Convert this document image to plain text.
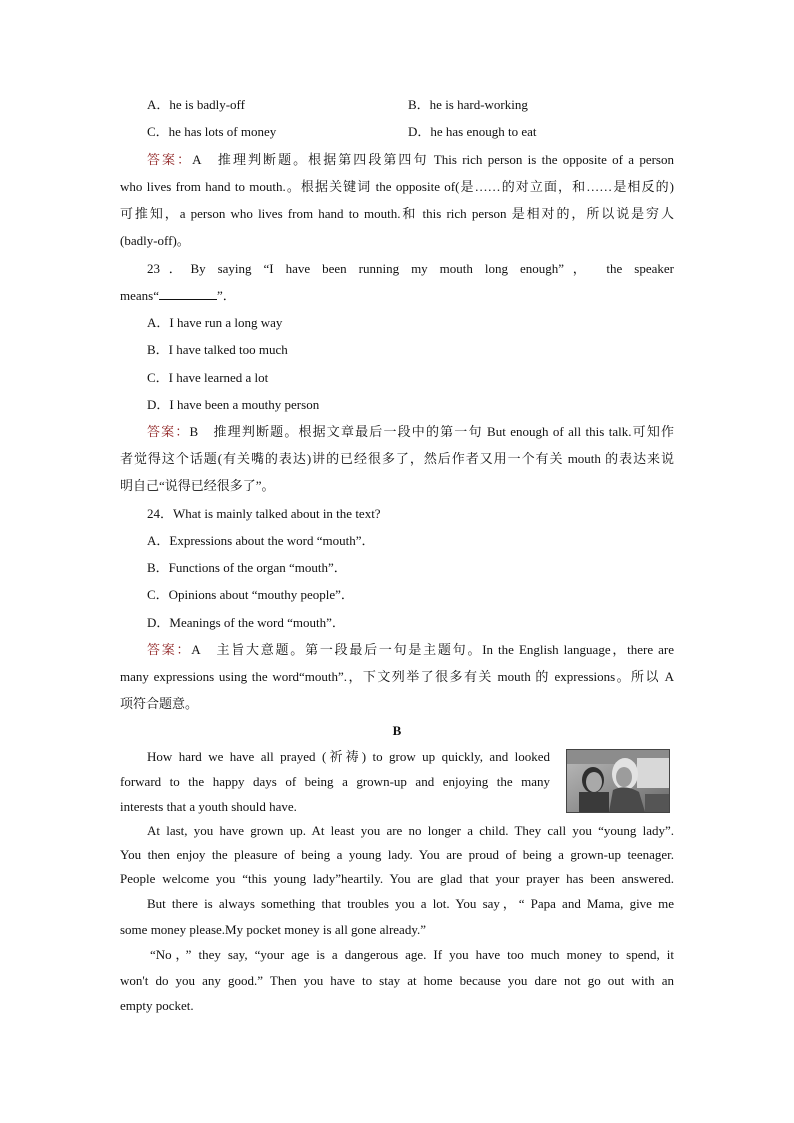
A．he is badly-off	B．he is hard-working
C．he has lots of money	D．he has enough to eat
答案：A　推理判断题。根据第四段第四句 This rich person is the opposite of a person
who lives from hand to mouth.。根据关键词 the opposite of(是……的对立面，和……是相反的)
可推知，a person who lives from hand to mouth.和 this rich person 是相对的，所以说是穷人
(badly-off)。
23．By saying “I have been running my mouth long enough”， the speaker
means“	”．
A．I have run a long way
B．I have talked too much
C．I have learned a lot
D．I have been a mouthy person
答案：B　推理判断题。根据文章最后一段中的第一句 But enough of all this talk.可知作
者觉得这个话题(有关嘴的表达)讲的已经很多了，然后作者又用一个有关 mouth 的表达来说
明自己“说得已经很多了”。
24．What is mainly talked about in the text?
A．Expressions about the word “mouth”．
B．Functions of the organ “mouth”．
C．Opinions about “mouthy people”．
D．Meanings of the word “mouth”．
答案：A　主旨大意题。第一段最后一句是主题句。In the English language，there are
many expressions using the word“mouth”.，下文列举了很多有关 mouth 的 expressions。所以 A
项符合题意。
B
How hard we have all prayed (祈祷) to grow up quickly, and looked
forward to the happy days of being a grown-up and enjoying the many
interests that a youth should have.
At last, you have grown up. At least you are no longer a child. They call you “young lady”.
You then enjoy the pleasure of being a young lady. You are proud of being a grown-up teenager.
People welcome you “this young lady”heartily. You are glad that your prayer has been answered.
But there is always something that troubles you a lot. You say，“ Papa and Mama, give me
some money please.My pocket money is all gone already.”
“No，” they say, “your age is a dangerous age. If you have too much money to spend, it
won't do you any good.” Then you have to stay at home because you dare not go out with an
empty pocket.
